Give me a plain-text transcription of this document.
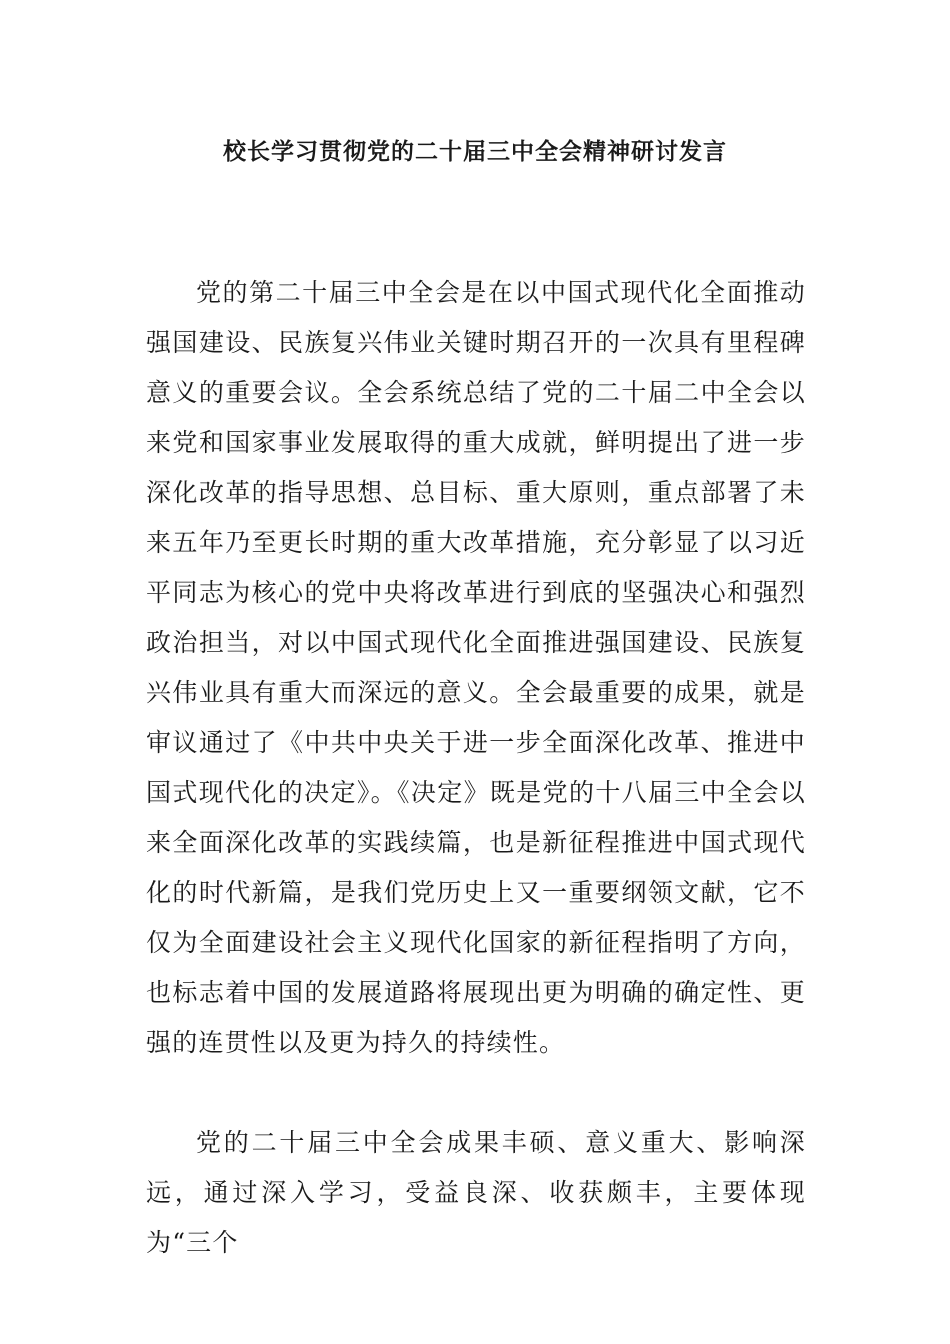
校长学习贯彻党的二十届三中全会精神研讨发言

党的第二十届三中全会是在以中国式现代化全面推动强国建设、民族复兴伟业关键时期召开的一次具有里程碑意义的重要会议。全会系统总结了党的二十届二中全会以来党和国家事业发展取得的重大成就，鲜明提出了进一步深化改革的指导思想、总目标、重大原则，重点部署了未来五年乃至更长时期的重大改革措施，充分彰显了以习近平同志为核心的党中央将改革进行到底的坚强决心和强烈政治担当，对以中国式现代化全面推进强国建设、民族复兴伟业具有重大而深远的意义。全会最重要的成果，就是审议通过了《中共中央关于进一步全面深化改革、推进中国式现代化的决定》。《决定》既是党的十八届三中全会以来全面深化改革的实践续篇，也是新征程推进中国式现代化的时代新篇，是我们党历史上又一重要纲领文献，它不仅为全面建设社会主义现代化国家的新征程指明了方向，也标志着中国的发展道路将展现出更为明确的确定性、更强的连贯性以及更为持久的持续性。

党的二十届三中全会成果丰硕、意义重大、影响深远，通过深入学习，受益良深、收获颇丰，主要体现为“三个
